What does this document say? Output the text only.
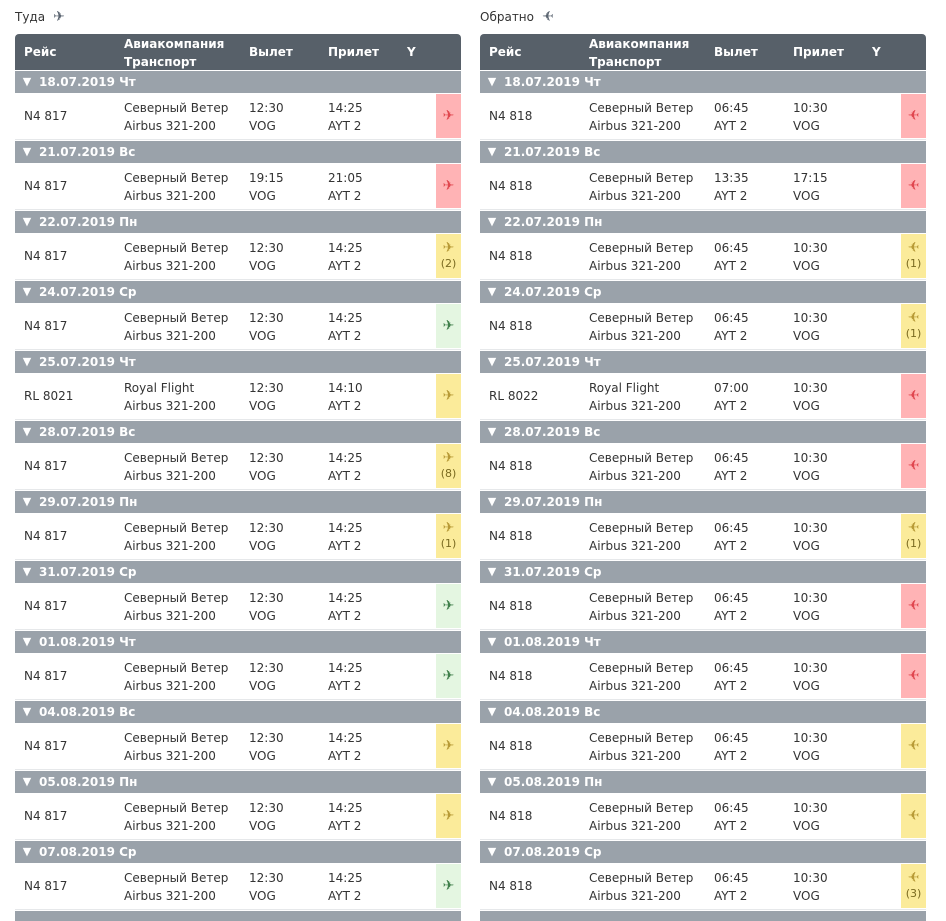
Туда ✈
Рейс
Авиакомпания
Транспорт
Вылет	Прилет Y
▼ 18.07.2019 Чт
N4 817
Северный Ветер
Airbus 321-200
12:30
VOG
14:25
AYT 2
✈
▼ 21.07.2019 Вс
N4 817
Северный Ветер
Airbus 321-200
19:15
VOG
21:05
AYT 2
✈
▼ 22.07.2019 Пн
N4 817
Северный Ветер
Airbus 321-200
12:30
VOG
14:25
AYT 2
✈
(2)
▼ 24.07.2019 Ср
N4 817
Северный Ветер
Airbus 321-200
12:30
VOG
14:25
AYT 2
✈
▼ 25.07.2019 Чт
RL 8021
Royal Flight
Airbus 321-200
12:30
VOG
14:10
AYT 2
✈
▼ 28.07.2019 Вс
N4 817
Северный Ветер
Airbus 321-200
12:30
VOG
14:25
AYT 2
✈
(8)
▼ 29.07.2019 Пн
N4 817
Северный Ветер
Airbus 321-200
12:30
VOG
14:25
AYT 2
✈
(1)
▼ 31.07.2019 Ср
N4 817
Северный Ветер
Airbus 321-200
12:30
VOG
14:25
AYT 2
✈
▼ 01.08.2019 Чт
N4 817
Северный Ветер
Airbus 321-200
12:30
VOG
14:25
AYT 2
✈
▼ 04.08.2019 Вс
N4 817
Северный Ветер
Airbus 321-200
12:30
VOG
14:25
AYT 2
✈
▼ 05.08.2019 Пн
N4 817
Северный Ветер
Airbus 321-200
12:30
VOG
14:25
AYT 2
✈
▼ 07.08.2019 Ср
N4 817
Северный Ветер
Airbus 321-200
12:30
VOG
14:25
AYT 2
✈
Обратно ✈
Рейс
Авиакомпания
Транспорт
Вылет	Прилет Y
▼ 18.07.2019 Чт
N4 818
Северный Ветер
Airbus 321-200
06:45
AYT 2
10:30
VOG
✈
▼ 21.07.2019 Вс
N4 818
Северный Ветер
Airbus 321-200
13:35
AYT 2
17:15
VOG
✈
▼ 22.07.2019 Пн
N4 818
Северный Ветер
Airbus 321-200
06:45
AYT 2
10:30
VOG
✈
(1)
▼ 24.07.2019 Ср
N4 818
Северный Ветер
Airbus 321-200
06:45
AYT 2
10:30
VOG
✈
(1)
▼ 25.07.2019 Чт
RL 8022
Royal Flight
Airbus 321-200
07:00
AYT 2
10:30
VOG
✈
▼ 28.07.2019 Вс
N4 818
Северный Ветер
Airbus 321-200
06:45
AYT 2
10:30
VOG
✈
▼ 29.07.2019 Пн
N4 818
Северный Ветер
Airbus 321-200
06:45
AYT 2
10:30
VOG
✈
(1)
▼ 31.07.2019 Ср
N4 818
Северный Ветер
Airbus 321-200
06:45
AYT 2
10:30
VOG
✈
▼ 01.08.2019 Чт
N4 818
Северный Ветер
Airbus 321-200
06:45
AYT 2
10:30
VOG
✈
▼ 04.08.2019 Вс
N4 818
Северный Ветер
Airbus 321-200
06:45
AYT 2
10:30
VOG
✈
▼ 05.08.2019 Пн
N4 818
Северный Ветер
Airbus 321-200
06:45
AYT 2
10:30
VOG
✈
▼ 07.08.2019 Ср
N4 818
Северный Ветер
Airbus 321-200
06:45
AYT 2
10:30
VOG
✈
(3)
